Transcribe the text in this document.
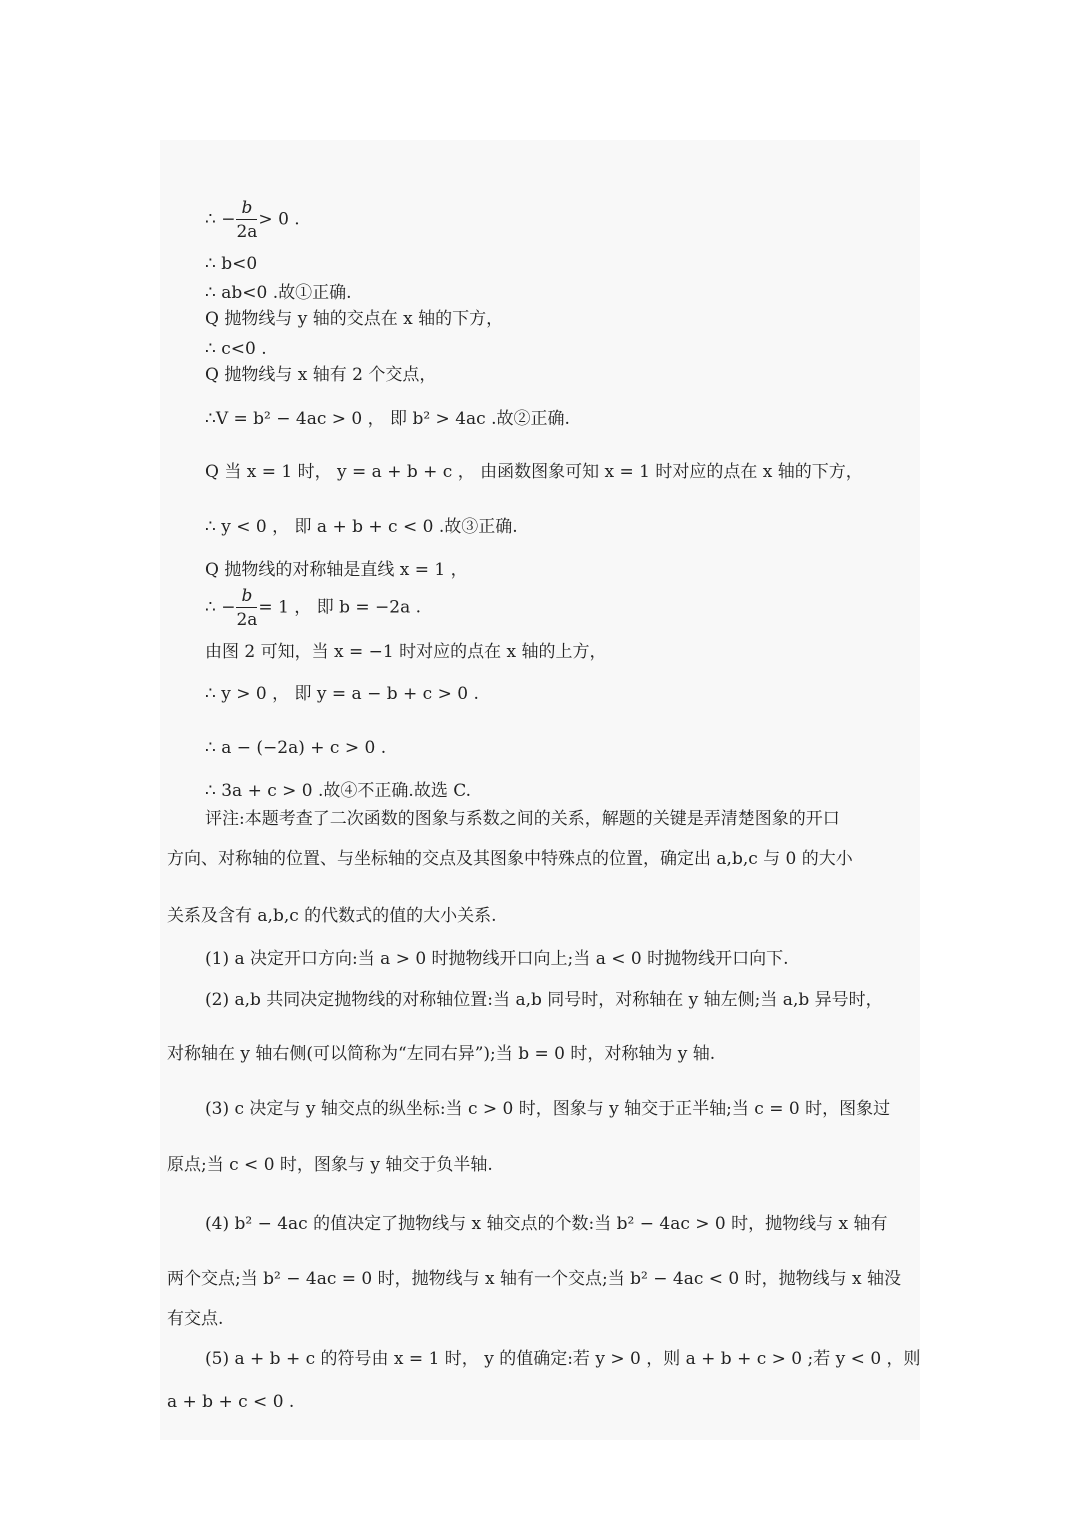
∴ − $\frac{b}{2a} > 0$ .
∴ b<0
∴ ab<0 .故①正确.
Q 抛物线与 y 轴的交点在 x 轴的下方，
∴ c<0 .
Q 抛物线与 x 轴有 2 个交点，
∴V = b² − 4ac > 0 ， 即 b² > 4ac .故②正确.
Q 当 x = 1 时， y = a + b + c ， 由函数图象可知 x = 1 时对应的点在 x 轴的下方，
∴ y < 0 ， 即 a + b + c < 0 .故③正确.
Q 抛物线的对称轴是直线 x = 1 ，
∴ − $\frac{b}{2a} = 1$ ， 即 b = −2a .
由图 2 可知，当 x = −1 时对应的点在 x 轴的上方，
∴ y > 0 ， 即 y = a − b + c > 0 .
∴ a − (−2a) + c > 0 .
∴ 3a + c > 0 .故④不正确.故选 C.
评注:本题考查了二次函数的图象与系数之间的关系，解题的关键是弄清楚图象的开口
方向、对称轴的位置、与坐标轴的交点及其图象中特殊点的位置，确定出 a,b,c 与 0 的大小
关系及含有 a,b,c 的代数式的值的大小关系.
(1) a 决定开口方向:当 a > 0 时抛物线开口向上;当 a < 0 时抛物线开口向下.
(2) a,b 共同决定抛物线的对称轴位置:当 a,b 同号时，对称轴在 y 轴左侧;当 a,b 异号时，
对称轴在 y 轴右侧(可以简称为“左同右异”);当 b = 0 时，对称轴为 y 轴.
(3) c 决定与 y 轴交点的纵坐标:当 c > 0 时，图象与 y 轴交于正半轴;当 c = 0 时，图象过
原点;当 c < 0 时，图象与 y 轴交于负半轴.
(4) b² − 4ac 的值决定了抛物线与 x 轴交点的个数:当 b² − 4ac > 0 时，抛物线与 x 轴有
两个交点;当 b² − 4ac = 0 时，抛物线与 x 轴有一个交点;当 b² − 4ac < 0 时，抛物线与 x 轴没
有交点.
(5) a + b + c 的符号由 x = 1 时， y 的值确定:若 y > 0 ，则 a + b + c > 0 ;若 y < 0 ，则
a + b + c < 0 .
